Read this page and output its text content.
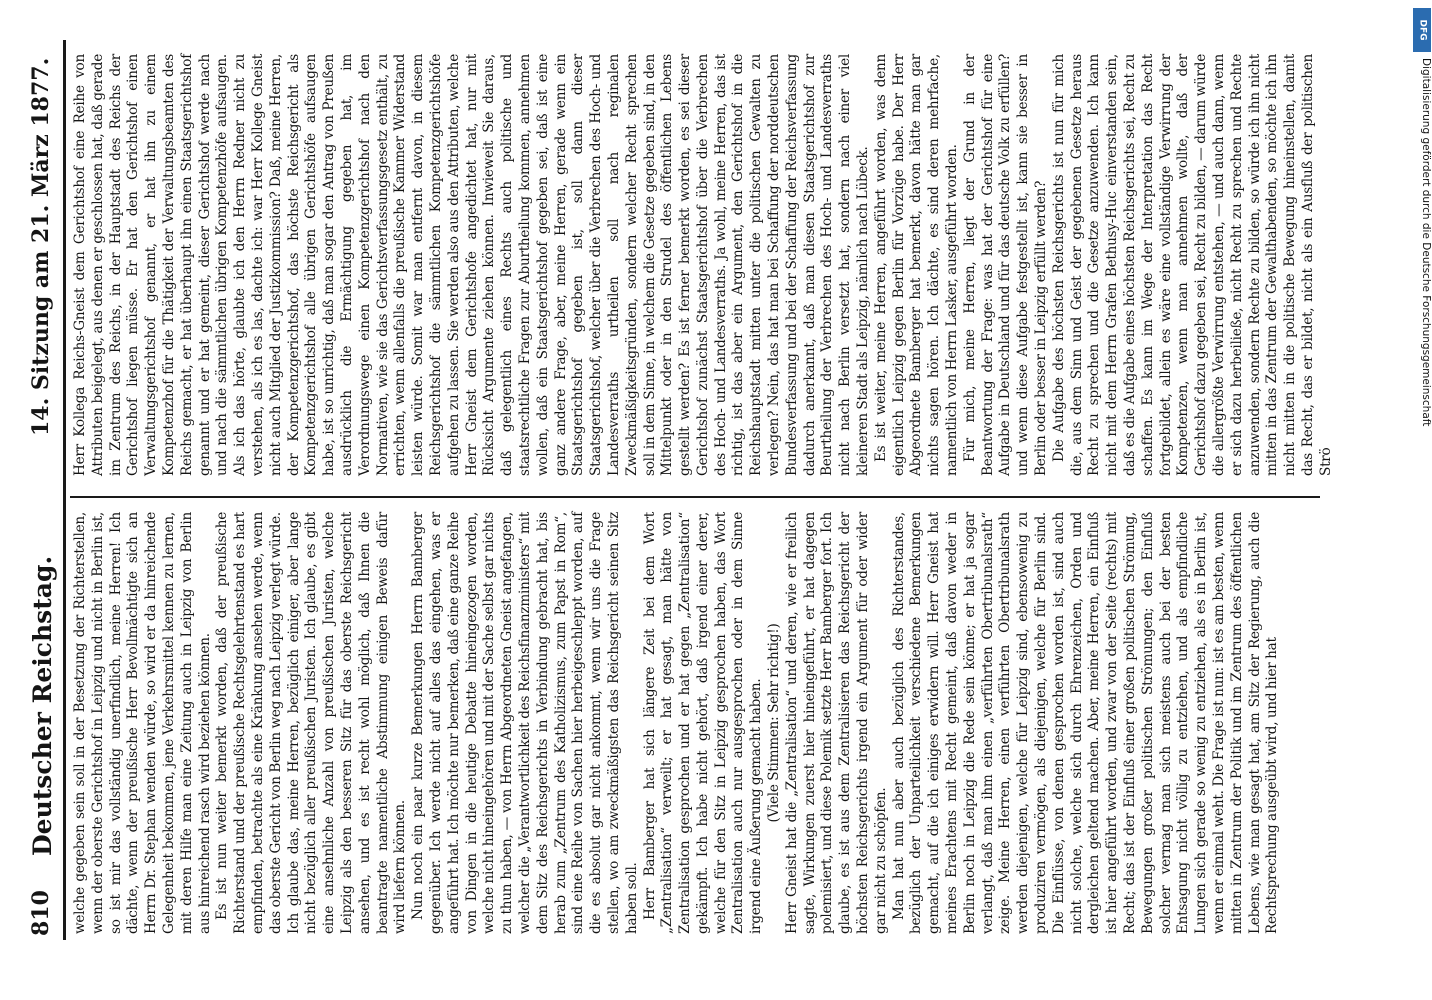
810
Deutscher Reichstag.
14. Sitzung am 21. März 1877.

welche gegeben sein soll in der Besetzung der Richterstellen, wenn der oberste Gerichtshof in Leipzig und nicht in Berlin ist, so ist mir das vollständig unerfindlich, meine Herren! Ich dächte, wenn der preußische Herr Bevollmächtigte sich an Herrn Dr. Stephan wenden würde, so wird er da hinreichende Gelegenheit bekommen, jene Verkehrsmittel kennen zu lernen, mit deren Hilfe man eine Zeitung auch in Leipzig von Berlin aus hinreichend rasch wird beziehen können. Es ist nun weiter bemerkt worden, daß der preußische Richterstand und der preußische Rechtsgelehrtenstand es hart empfinden, betrachte als eine Kränkung ansehen werde, wenn das oberste Gericht von Berlin weg nach Leipzig verlegt würde. Ich glaube das, meine Herren, bezüglich einiger, aber lange nicht bezüglich aller preußischen Juristen. Ich glaube, es gibt eine ansehnliche Anzahl von preußischen Juristen, welche Leipzig als den besseren Sitz für das oberste Reichsgericht ansehen, und es ist recht wohl möglich, daß Ihnen die beantragte namentliche Abstimmung einigen Beweis dafür wird liefern können. Nun noch ein paar kurze Bemerkungen Herrn Bamberger gegenüber. Ich werde nicht auf alles das eingehen, was er angeführt hat. Ich möchte nur bemerken, daß eine ganze Reihe von Dingen in die heutige Debatte hineingezogen worden, welche nicht hineingehören und mit der Sache selbst gar nichts zu thun haben, — von Herrn Abgeordneten Gneist angefangen, welcher die „Verantwortlichkeit des Reichsfinanzministers“ mit dem Sitz des Reichsgerichts in Verbindung gebracht hat, bis herab zum „Zentrum des Katholizismus, zum Papst in Rom“, sind eine Reihe von Sachen hier herbeigeschleppt worden, auf die es absolut gar nicht ankommt, wenn wir uns die Frage stellen, wo am zweckmäßigsten das Reichsgericht seinen Sitz haben soll. Herr Bamberger hat sich längere Zeit bei dem Wort „Zentralisation“ verweilt; er hat gesagt, man hätte von Zentralisation gesprochen und er hat gegen „Zentralisation“ gekämpft. Ich habe nicht gehört, daß irgend einer derer, welche für den Sitz in Leipzig gesprochen haben, das Wort Zentralisation auch nur ausgesprochen oder in dem Sinne irgend eine Äußerung gemacht haben. (Viele Stimmen: Sehr richtig!) Herr Gneist hat die „Zentralisation“ und deren, wie er freilich sagte, Wirkungen zuerst hier hineingeführt, er hat dagegen polemisiert, und diese Polemik setzte Herr Bamberger fort. Ich glaube, es ist aus dem Zentralisieren das Reichsgericht der höchsten Reichsgerichts irgend ein Argument für oder wider gar nicht zu schöpfen. Man hat nun aber auch bezüglich des Richterstandes, bezüglich der Unparteilichkeit verschiedene Bemerkungen gemacht, auf die ich einiges erwidern will. Herr Gneist hat meines Erachtens mit Recht gemeint, daß davon weder in Berlin noch in Leipzig die Rede sein könne; er hat ja sogar verlangt, daß man ihm einen „verführten Obertribunalsrath“ zeige. Meine Herren, einen verführten Obertribunalsrath werden diejenigen, welche für Leipzig sind, ebensowenig zu produziren vermögen, als diejenigen, welche für Berlin sind. Die Einflüsse, von denen gesprochen worden ist, sind auch nicht solche, welche sich durch Ehrenzeichen, Orden und dergleichen geltend machen. Aber, meine Herren, ein Einfluß ist hier angeführt worden, und zwar von der Seite (rechts) mit Recht; das ist der Einfluß einer großen politischen Strömung, Bewegungen großer politischen Strömungen; den Einfluß solcher vermag man sich meistens auch bei der besten Entsagung nicht völlig zu entziehen, und als empfindliche Lungen sich gerade so wenig zu entziehen, als es in Berlin ist, wenn er einmal weht. Die Frage ist nun: ist es am besten, wenn mitten in Zentrum der Politik und im Zentrum des öffentlichen Lebens, wie man gesagt hat, am Sitz der Regierung, auch die Rechtsprechung ausgeübt wird, und hier hat

Herr Kollega Reichs-Gneist dem Gerichtshof eine Reihe von Attributen beigelegt, aus denen er geschlossen hat, daß gerade im Zentrum des Reichs, in der Hauptstadt des Reichs der Gerichtshof liegen müsse. Er hat den Gerichtshof einen Verwaltungsgerichtshof genannt, er hat ihn zu einem Kompetenzhof für die Thätigkeit der Verwaltungsbeamten des Reichs gemacht, er hat überhaupt ihn einen Staatsgerichtshof genannt und er hat gemeint, dieser Gerichtshof werde nach und nach die sämmtlichen übrigen Kompetenzhöfe aufsaugen. Als ich das hörte, glaubte ich den Herrn Redner nicht zu verstehen, als ich es las, dachte ich: war Herr Kollege Gneist nicht auch Mitglied der Justizkommission? Daß, meine Herren, der Kompetenzgerichtshof, das höchste Reichsgericht als Kompetenzgerichtshof alle übrigen Gerichtshöfe aufsaugen habe, ist so unrichtig, daß man sogar den Antrag von Preußen ausdrücklich die Ermächtigung gegeben hat, im Verordnungswege einen Kompetenzgerichtshof nach den Normativen, wie sie das Gerichtsverfassungsgesetz enthält, zu errichten, wenn allenfalls die preußische Kammer Widerstand leisten würde. Somit war man entfernt davon, in diesem Reichsgerichtshof die sämmtlichen Kompetenzgerichtshöfe aufgehen zu lassen. Sie werden also aus den Attributen, welche Herr Gneist dem Gerichtshofe angedichtet hat, nur mit Rücksicht Argumente ziehen können. Inwieweit Sie daraus, daß gelegentlich eines Rechts auch politische und staatsrechtliche Fragen zur Aburtheilung kommen, annehmen wollen, daß ein Staatsgerichtshof gegeben sei, daß ist eine ganz andere Frage, aber, meine Herren, gerade wenn ein Staatsgerichtshof gegeben ist, soll dann dieser Staatsgerichtshof, welcher über die Verbrechen des Hoch- und Landesverraths urtheilen soll nach reginalen Zweckmäßigkeitsgründen, sondern welcher Recht sprechen soll in dem Sinne, in welchem die Gesetze gegeben sind, in den Mittelpunkt oder in den Strudel des öffentlichen Lebens gestellt werden? Es ist ferner bemerkt worden, es sei dieser Gerichtshof zunächst Staatsgerichtshof über die Verbrechen des Hoch- und Landesverraths. Ja wohl, meine Herren, das ist richtig, ist das aber ein Argument, den Gerichtshof in die Reichshauptstadt mitten unter die politischen Gewalten zu verlegen? Nein, das hat man bei Schaffung der norddeutschen Bundesverfassung und bei der Schaffung der Reichsverfassung dadurch anerkannt, daß man diesen Staatsgerichtshof zur Beurtheilung der Verbrechen des Hoch- und Landesverraths nicht nach Berlin versetzt hat, sondern nach einer viel kleineren Stadt als Leipzig, nämlich nach Lübeck. Es ist weiter, meine Herren, angeführt worden, was denn eigentlich Leipzig gegen Berlin für Vorzüge habe. Der Herr Abgeordnete Bamberger hat bemerkt, davon hätte man gar nichts sagen hören. Ich dächte, es sind deren mehrfache, namentlich von Herrn Lasker, ausgeführt worden. Für mich, meine Herren, liegt der Grund in der Beantwortung der Frage: was hat der Gerichtshof für eine Aufgabe in Deutschland und für das deutsche Volk zu erfüllen? und wenn diese Aufgabe festgestellt ist, kann sie besser in Berlin oder besser in Leipzig erfüllt werden? Die Aufgabe des höchsten Reichsgerichts ist nun für mich die, aus dem Sinn und Geist der gegebenen Gesetze heraus Recht zu sprechen und die Gesetze anzuwenden. Ich kann nicht mit dem Herrn Grafen Bethusy-Huc einverstanden sein, daß es die Aufgabe eines höchsten Reichsgerichts sei, Recht zu schaffen. Es kann im Wege der Interpretation das Recht fortgebildet, allein es wäre eine vollständige Verwirrung der Kompetenzen, wenn man annehmen wollte, daß der Gerichtshof dazu gegeben sei, Recht zu bilden, — darum würde die allergrößte Verwirrung entstehen, — und auch dann, wenn er sich dazu herbeiließe, nicht Recht zu sprechen und Rechte anzuwenden, sondern Rechte zu bilden, so würde ich ihn nicht mitten in das Zentrum der Gewalthabenden, so möchte ich ihn nicht mitten in die politische Bewegung hineinstellen, damit das Recht, das er bildet, nicht als ein Ausfluß der politischen Strö

DFG
Digitalisierung gefördert durch die Deutsche Forschungsgemeinschaft
